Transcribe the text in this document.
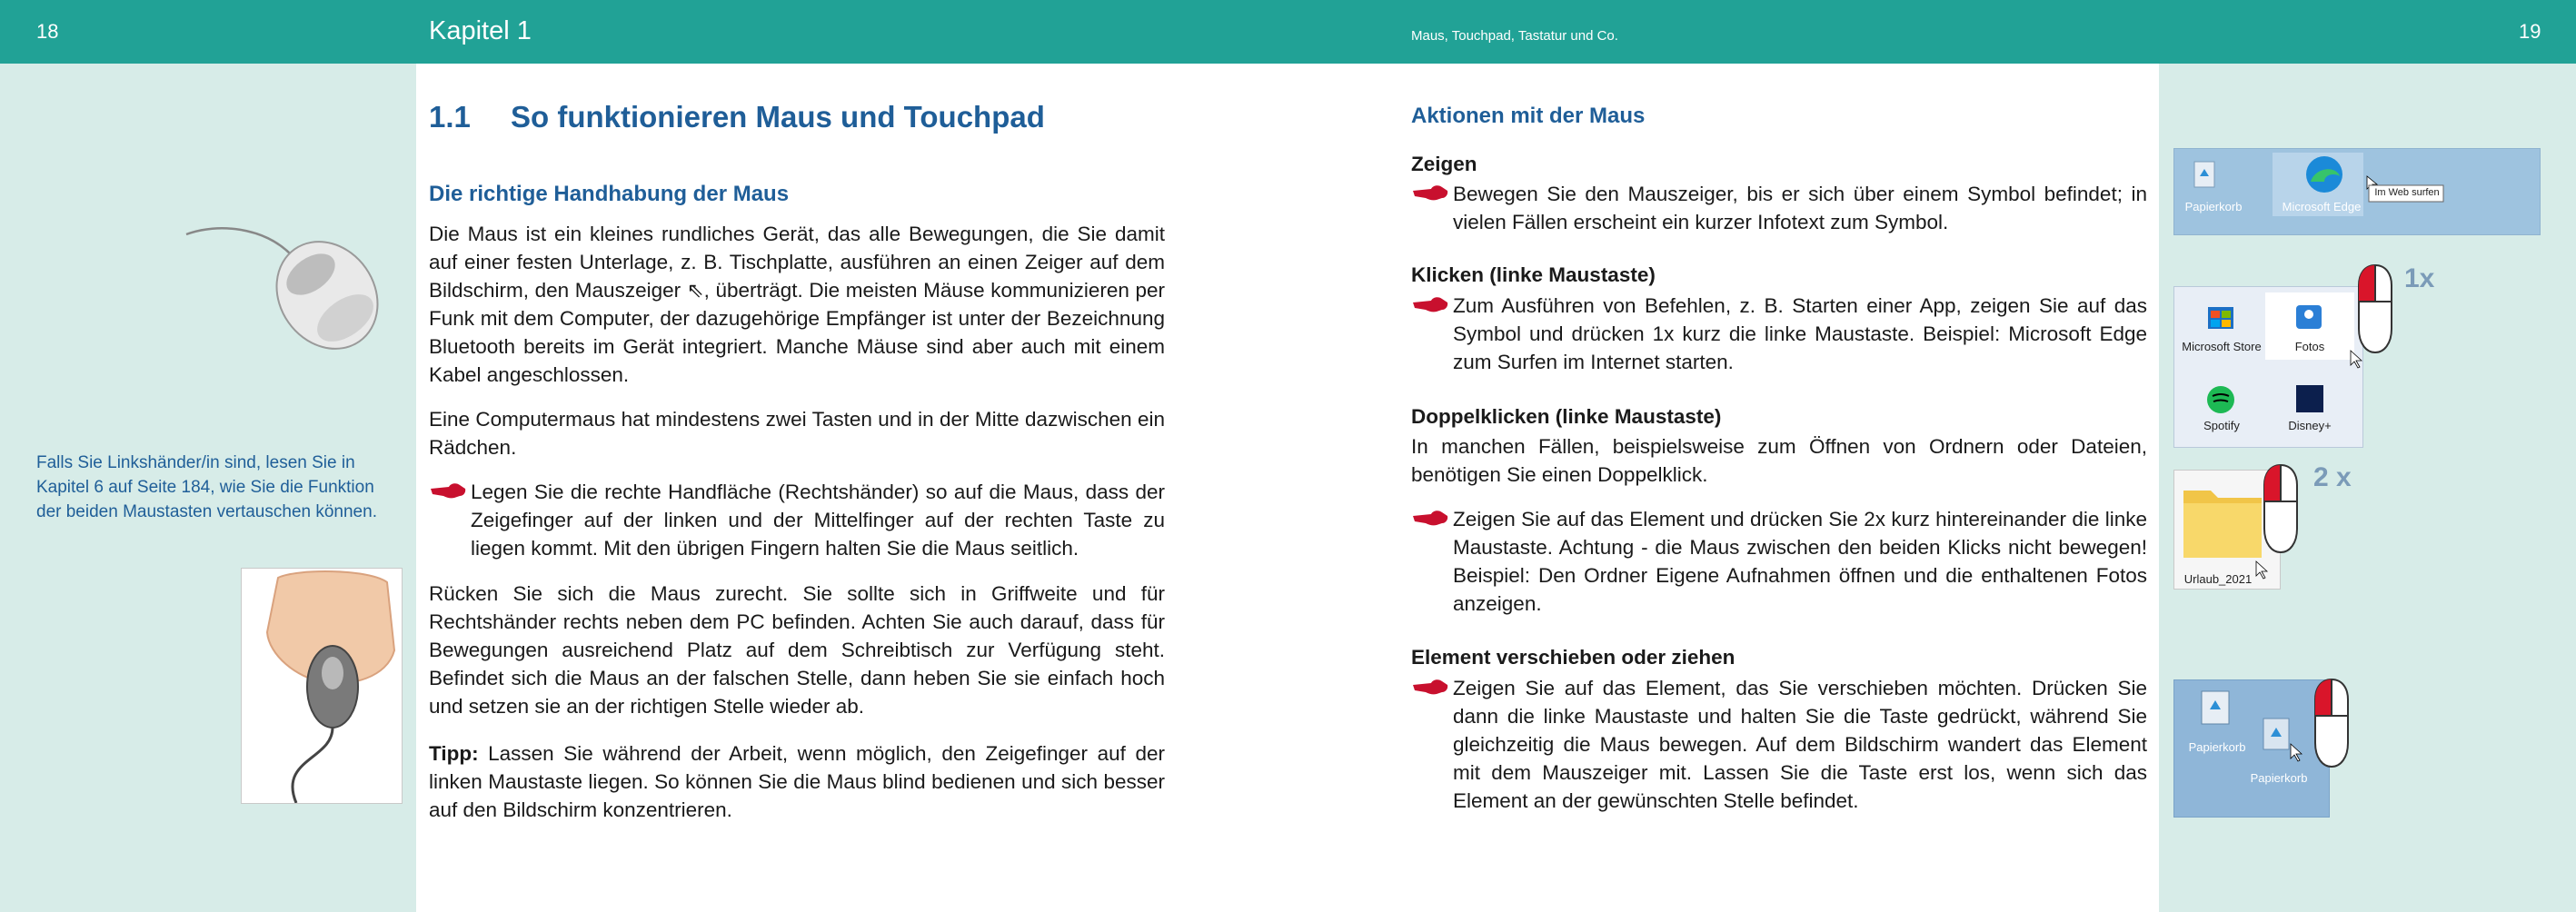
18	Kapitel 1	Maus, Touchpad, Tastatur und Co.	19
Falls Sie Linkshänder/in sind, lesen Sie in Kapitel 6 auf Seite 184, wie Sie die Funktion der beiden Maustasten vertauschen können.
1.1 So funktionieren Maus und Touchpad
Die richtige Handhabung der Maus

Die Maus ist ein kleines rundliches Gerät, das alle Bewegungen, die Sie damit auf einer festen Unterlage, z. B. Tischplatte, ausführen an einen Zeiger auf dem Bildschirm, den Mauszeiger ⇖, überträgt. Die meisten Mäuse kommunizieren per Funk mit dem Computer, der dazugehörige Empfänger ist unter der Bezeichnung Bluetooth bereits im Gerät integriert. Manche Mäuse sind aber auch mit einem Kabel angeschlossen.

Eine Computermaus hat mindestens zwei Tasten und in der Mitte dazwischen ein Rädchen.

Legen Sie die rechte Handfläche (Rechtshänder) so auf die Maus, dass der Zeigefinger auf der linken und der Mittelfinger auf der rechten Taste zu liegen kommt. Mit den übrigen Fingern halten Sie die Maus seitlich.

Rücken Sie sich die Maus zurecht. Sie sollte sich in Griffweite und für Rechtshänder rechts neben dem PC befinden. Achten Sie auch darauf, dass für Bewegungen ausreichend Platz auf dem Schreibtisch zur Verfügung steht. Befindet sich die Maus an der falschen Stelle, dann heben Sie sie einfach hoch und setzen sie an der richtigen Stelle wieder ab.

Tipp: Lassen Sie während der Arbeit, wenn möglich, den Zeigefinger auf der linken Maustaste liegen. So können Sie die Maus blind bedienen und sich besser auf den Bildschirm konzentrieren.

Aktionen mit der Maus
Zeigen

Bewegen Sie den Mauszeiger, bis er sich über einem Symbol befindet; in vielen Fällen erscheint ein kurzer Infotext zum Symbol.

Klicken (linke Maustaste)

Zum Ausführen von Befehlen, z. B. Starten einer App, zeigen Sie auf das Symbol und drücken 1x kurz die linke Maustaste. Beispiel: Microsoft Edge zum Surfen im Internet starten.

Doppelklicken (linke Maustaste)

In manchen Fällen, beispielsweise zum Öffnen von Ordnern oder Dateien, benötigen Sie einen Doppelklick.

Zeigen Sie auf das Element und drücken Sie 2x kurz hintereinander die linke Maustaste. Achtung - die Maus zwischen den beiden Klicks nicht bewegen! Beispiel: Den Ordner Eigene Aufnahmen öffnen und die enthaltenen Fotos anzeigen.

Element verschieben oder ziehen

Zeigen Sie auf das Element, das Sie verschieben möchten. Drücken Sie dann die linke Maustaste und halten Sie die Taste gedrückt, während Sie gleichzeitig die Maus bewegen. Auf dem Bildschirm wandert das Element mit dem Mauszeiger mit. Lassen Sie die Taste erst los, wenn sich das Element an der gewünschten Stelle befindet.

Papierkorb	Microsoft Edge
Im Web surfen
Microsoft Store	Fotos
Spotify	Disney+
1x
Urlaub_2021
2 x
Papierkorb
Papierkorb
